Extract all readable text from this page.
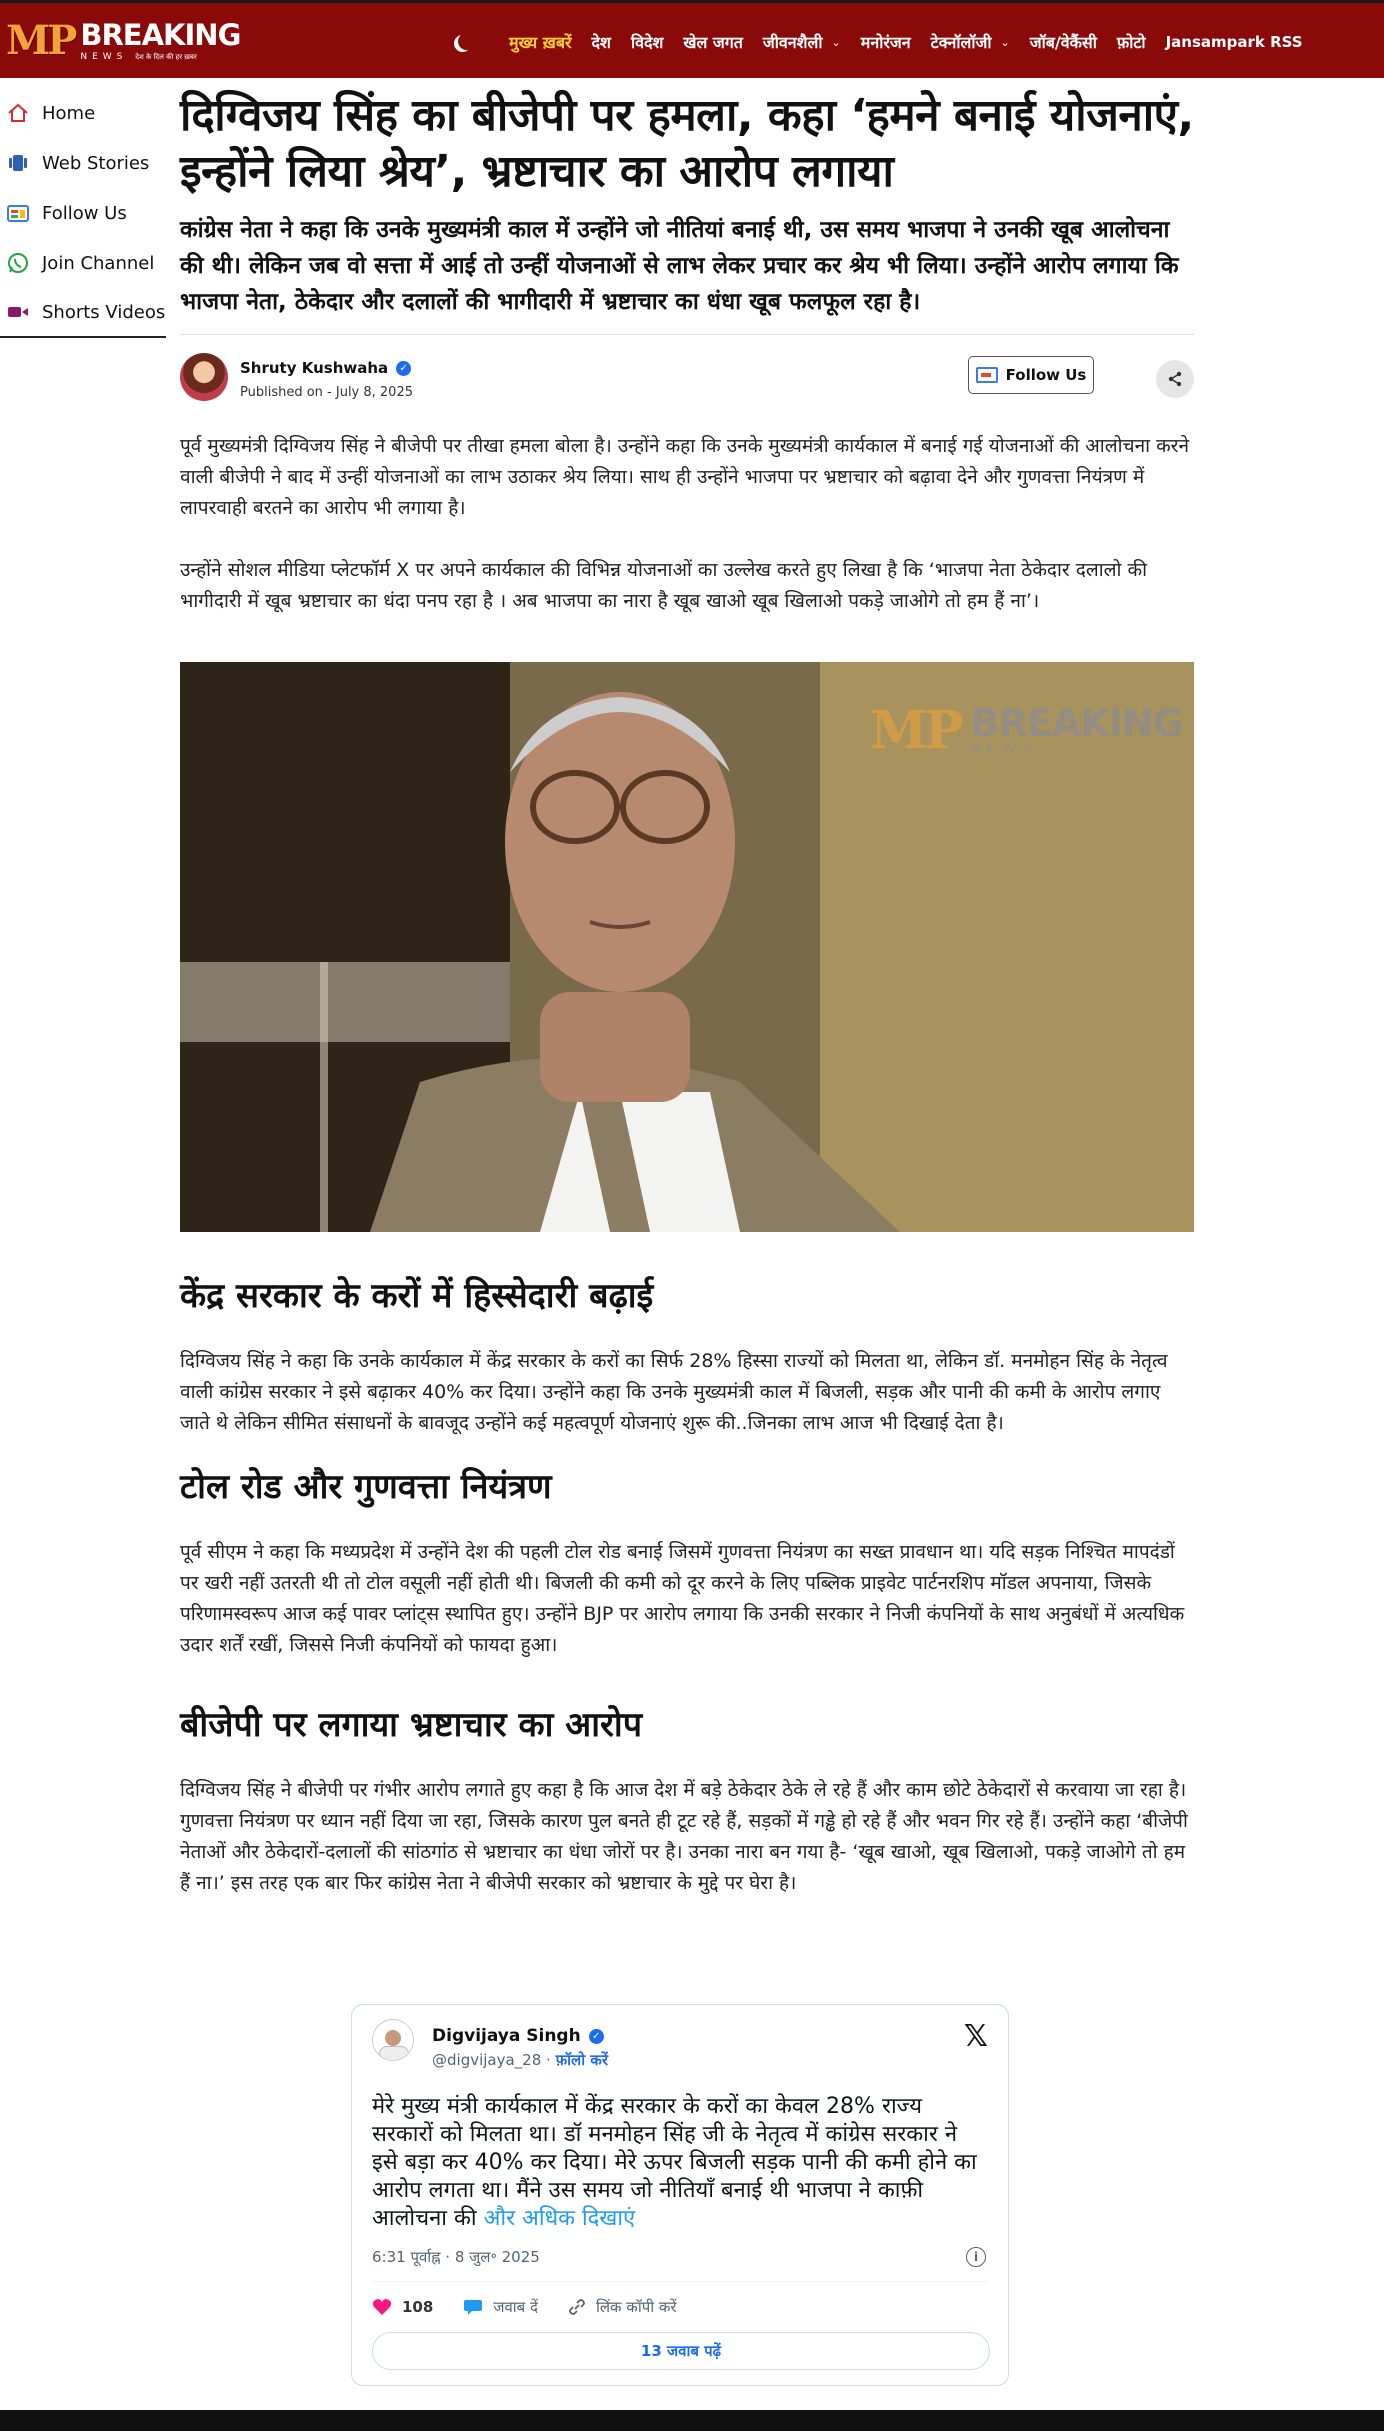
MP BREAKING
NEWS देश के दिल की हर ख़बर
मुख्य ख़बरें देश विदेश खेल जगत जीवनशैली ⌄ मनोरंजन टेक्नॉलॉजी ⌄ जॉब/वेकैंसी फ़ोटो Jansampark RSS
Home
Web Stories
Follow Us
Join Channel
Shorts Videos
दिग्विजय सिंह का बीजेपी पर हमला, कहा ‘हमने बनाई योजनाएं, इन्होंने लिया श्रेय’, भ्रष्टाचार का आरोप लगाया

कांग्रेस नेता ने कहा कि उनके मुख्यमंत्री काल में उन्होंने जो नीतियां बनाई थी, उस समय भाजपा ने उनकी खूब आलोचना की थी। लेकिन जब वो सत्ता में आई तो उन्हीं योजनाओं से लाभ लेकर प्रचार कर श्रेय भी लिया। उन्होंने आरोप लगाया कि भाजपा नेता, ठेकेदार और दलालों की भागीदारी में भ्रष्टाचार का धंधा खूब फलफूल रहा है।

Shruty Kushwaha	✓
Published on - July 8, 2025
Follow Us

पूर्व मुख्यमंत्री दिग्विजय सिंह ने बीजेपी पर तीखा हमला बोला है। उन्होंने कहा कि उनके मुख्यमंत्री कार्यकाल में बनाई गई योजनाओं की आलोचना करने वाली बीजेपी ने बाद में उन्हीं योजनाओं का लाभ उठाकर श्रेय लिया। साथ ही उन्होंने भाजपा पर भ्रष्टाचार को बढ़ावा देने और गुणवत्ता नियंत्रण में लापरवाही बरतने का आरोप भी लगाया है।

उन्होंने सोशल मीडिया प्लेटफॉर्म X पर अपने कार्यकाल की विभिन्न योजनाओं का उल्लेख करते हुए लिखा है कि ‘भाजपा नेता ठेकेदार दलालो की भागीदारी में खूब भ्रष्टाचार का धंदा पनप रहा है । अब भाजपा का नारा है खूब खाओ खूब खिलाओ पकड़े जाओगे तो हम हैं ना’।

MP BREAKING
NEWS
केंद्र सरकार के करों में हिस्सेदारी बढ़ाई

दिग्विजय सिंह ने कहा कि उनके कार्यकाल में केंद्र सरकार के करों का सिर्फ 28% हिस्सा राज्यों को मिलता था, लेकिन डॉ. मनमोहन सिंह के नेतृत्व वाली कांग्रेस सरकार ने इसे बढ़ाकर 40% कर दिया। उन्होंने कहा कि उनके मुख्यमंत्री काल में बिजली, सड़क और पानी की कमी के आरोप लगाए जाते थे लेकिन सीमित संसाधनों के बावजूद उन्होंने कई महत्वपूर्ण योजनाएं शुरू की..जिनका लाभ आज भी दिखाई देता है।

टोल रोड और गुणवत्ता नियंत्रण

पूर्व सीएम ने कहा कि मध्यप्रदेश में उन्होंने देश की पहली टोल रोड बनाई जिसमें गुणवत्ता नियंत्रण का सख्त प्रावधान था। यदि सड़क निश्चित मापदंडों पर खरी नहीं उतरती थी तो टोल वसूली नहीं होती थी। बिजली की कमी को दूर करने के लिए पब्लिक प्राइवेट पार्टनरशिप मॉडल अपनाया, जिसके परिणामस्वरूप आज कई पावर प्लांट्स स्थापित हुए। उन्होंने BJP पर आरोप लगाया कि उनकी सरकार ने निजी कंपनियों के साथ अनुबंधों में अत्यधिक उदार शर्तें रखीं, जिससे निजी कंपनियों को फायदा हुआ।

बीजेपी पर लगाया भ्रष्टाचार का आरोप

दिग्विजय सिंह ने बीजेपी पर गंभीर आरोप लगाते हुए कहा है कि आज देश में बड़े ठेकेदार ठेके ले रहे हैं और काम छोटे ठेकेदारों से करवाया जा रहा है। गुणवत्ता नियंत्रण पर ध्यान नहीं दिया जा रहा, जिसके कारण पुल बनते ही टूट रहे हैं, सड़कों में गड्ढे हो रहे हैं और भवन गिर रहे हैं। उन्होंने कहा ‘बीजेपी नेताओं और ठेकेदारों-दलालों की सांठगांठ से भ्रष्टाचार का धंधा जोरों पर है। उनका नारा बन गया है- ‘खूब खाओ, खूब खिलाओ, पकड़े जाओगे तो हम हैं ना।’ इस तरह एक बार फिर कांग्रेस नेता ने बीजेपी सरकार को भ्रष्टाचार के मुद्दे पर घेरा है।

Digvijaya Singh	✓
@digvijaya_28 · फ़ॉलो करें
𝕏
मेरे मुख्य मंत्री कार्यकाल में केंद्र सरकार के करों का केवल 28% राज्य सरकारों को मिलता था। डॉ मनमोहन सिंह जी के नेतृत्व में कांग्रेस सरकार ने इसे बड़ा कर 40% कर दिया। मेरे ऊपर बिजली सड़क पानी की कमी होने का आरोप लगता था। मैंने उस समय जो नीतियाँ बनाई थी भाजपा ने काफ़ी आलोचना की और अधिक दिखाएं
6:31 पूर्वाह्न · 8 जुल॰ 2025	i
108	जवाब दें	लिंक कॉपी करें
13 जवाब पढ़ें
